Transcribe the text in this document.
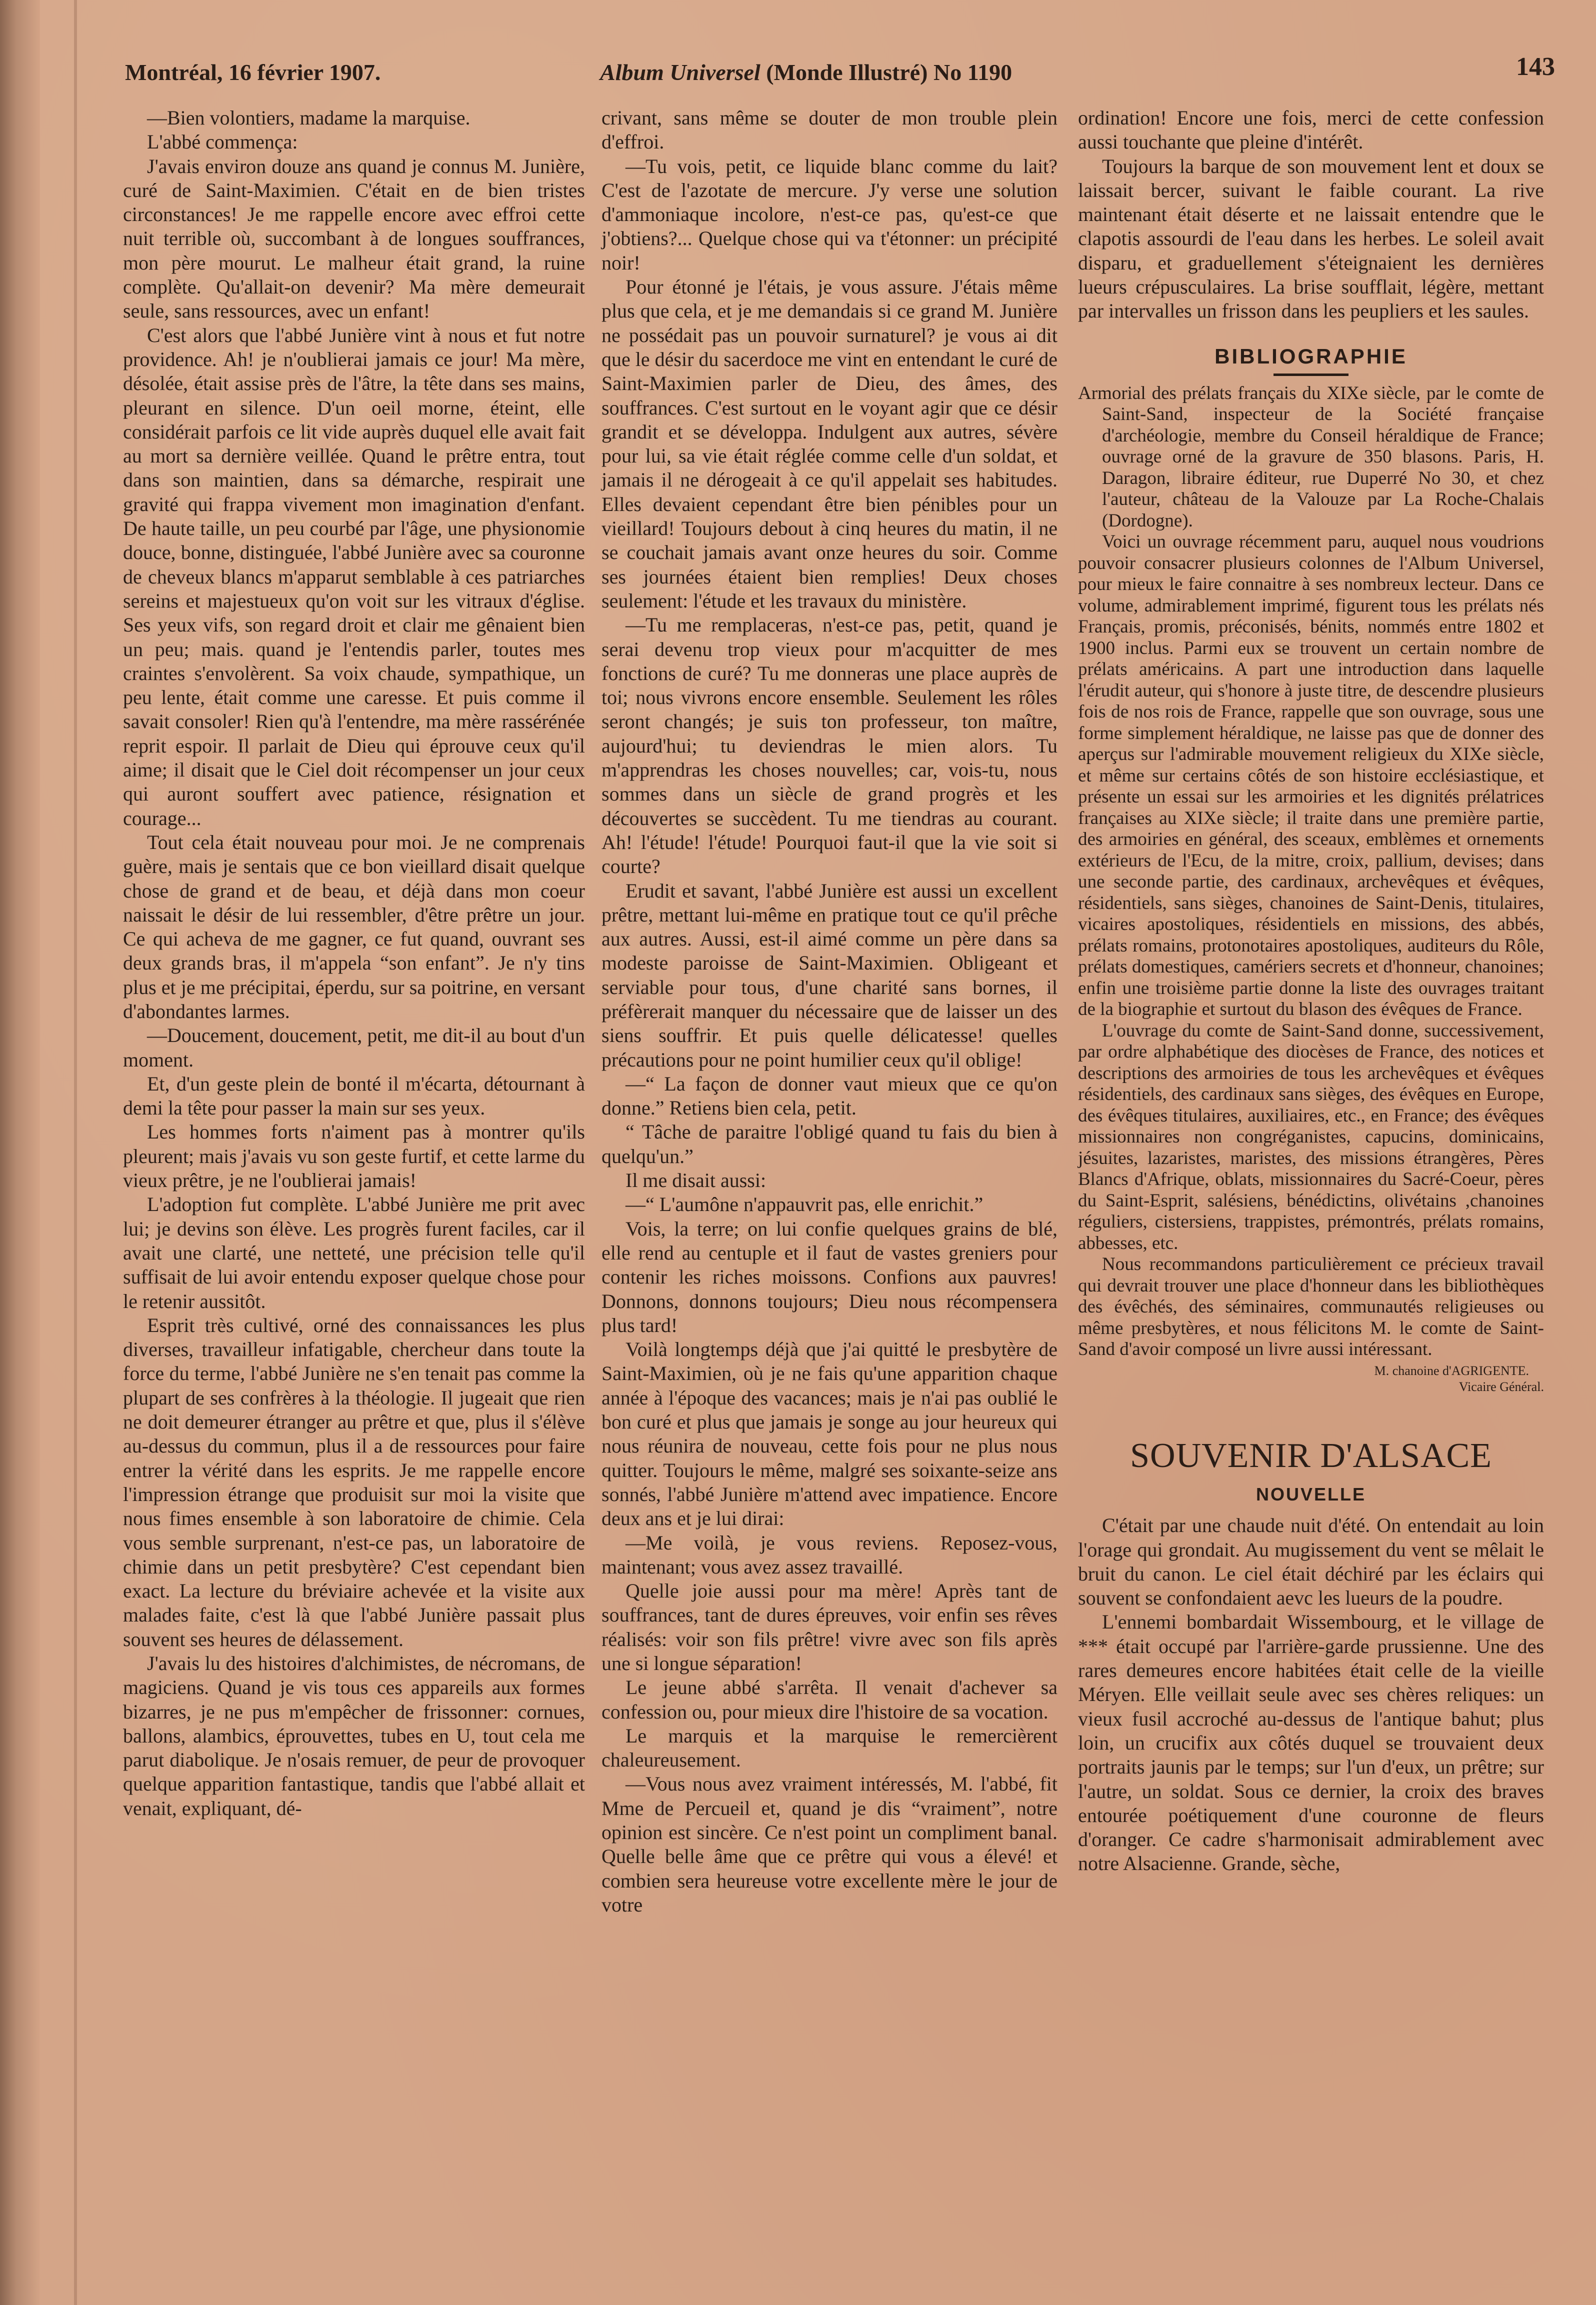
Montréal, 16 février 1907.	Album Universel (Monde Illustré) No 1190	143

—Bien volontiers, madame la marquise.

L'abbé commença:

J'avais environ douze ans quand je connus M. Junière, curé de Saint-Maximien. C'était en de bien tristes circonstances! Je me rappelle encore avec effroi cette nuit terrible où, succombant à de longues souffrances, mon père mourut. Le malheur était grand, la ruine complète. Qu'allait-on devenir? Ma mère demeurait seule, sans ressources, avec un enfant!

C'est alors que l'abbé Junière vint à nous et fut notre providence. Ah! je n'oublierai jamais ce jour! Ma mère, désolée, était assise près de l'âtre, la tête dans ses mains, pleurant en silence. D'un oeil morne, éteint, elle considérait parfois ce lit vide auprès duquel elle avait fait au mort sa dernière veillée. Quand le prêtre entra, tout dans son maintien, dans sa démarche, respirait une gravité qui frappa vivement mon imagination d'enfant. De haute taille, un peu courbé par l'âge, une physionomie douce, bonne, distinguée, l'abbé Junière avec sa couronne de cheveux blancs m'apparut semblable à ces patriarches sereins et majestueux qu'on voit sur les vitraux d'église. Ses yeux vifs, son regard droit et clair me gênaient bien un peu; mais. quand je l'entendis parler, toutes mes craintes s'envolèrent. Sa voix chaude, sympathique, un peu lente, était comme une caresse. Et puis comme il savait consoler! Rien qu'à l'entendre, ma mère rassérénée reprit espoir. Il parlait de Dieu qui éprouve ceux qu'il aime; il disait que le Ciel doit récompenser un jour ceux qui auront souffert avec patience, résignation et courage...

Tout cela était nouveau pour moi. Je ne comprenais guère, mais je sentais que ce bon vieillard disait quelque chose de grand et de beau, et déjà dans mon coeur naissait le désir de lui ressembler, d'être prêtre un jour. Ce qui acheva de me gagner, ce fut quand, ouvrant ses deux grands bras, il m'appela “son enfant”. Je n'y tins plus et je me précipitai, éperdu, sur sa poitrine, en versant d'abondantes larmes.

—Doucement, doucement, petit, me dit-il au bout d'un moment.

Et, d'un geste plein de bonté il m'écarta, détournant à demi la tête pour passer la main sur ses yeux.

Les hommes forts n'aiment pas à montrer qu'ils pleurent; mais j'avais vu son geste furtif, et cette larme du vieux prêtre, je ne l'oublierai jamais!

L'adoption fut complète. L'abbé Junière me prit avec lui; je devins son élève. Les progrès furent faciles, car il avait une clarté, une netteté, une précision telle qu'il suffisait de lui avoir entendu exposer quelque chose pour le retenir aussitôt.

Esprit très cultivé, orné des connaissances les plus diverses, travailleur infatigable, chercheur dans toute la force du terme, l'abbé Junière ne s'en tenait pas comme la plupart de ses confrères à la théologie. Il jugeait que rien ne doit demeurer étranger au prêtre et que, plus il s'élève au-dessus du commun, plus il a de ressources pour faire entrer la vérité dans les esprits. Je me rappelle encore l'impression étrange que produisit sur moi la visite que nous fimes ensemble à son laboratoire de chimie. Cela vous semble surprenant, n'est-ce pas, un laboratoire de chimie dans un petit presbytère? C'est cependant bien exact. La lecture du bréviaire achevée et la visite aux malades faite, c'est là que l'abbé Junière passait plus souvent ses heures de délassement.

J'avais lu des histoires d'alchimistes, de nécromans, de magiciens. Quand je vis tous ces appareils aux formes bizarres, je ne pus m'empêcher de frissonner: cornues, ballons, alambics, éprouvettes, tubes en U, tout cela me parut diabolique. Je n'osais remuer, de peur de provoquer quelque apparition fantastique, tandis que l'abbé allait et venait, expliquant, dé-

crivant, sans même se douter de mon trouble plein d'effroi.

—Tu vois, petit, ce liquide blanc comme du lait? C'est de l'azotate de mercure. J'y verse une solution d'ammoniaque incolore, n'est-ce pas, qu'est-ce que j'obtiens?... Quelque chose qui va t'étonner: un précipité noir!

Pour étonné je l'étais, je vous assure. J'étais même plus que cela, et je me demandais si ce grand M. Junière ne possédait pas un pouvoir surnaturel? je vous ai dit que le désir du sacerdoce me vint en entendant le curé de Saint-Maximien parler de Dieu, des âmes, des souffrances. C'est surtout en le voyant agir que ce désir grandit et se développa. Indulgent aux autres, sévère pour lui, sa vie était réglée comme celle d'un soldat, et jamais il ne dérogeait à ce qu'il appelait ses habitudes. Elles devaient cependant être bien pénibles pour un vieillard! Toujours debout à cinq heures du matin, il ne se couchait jamais avant onze heures du soir. Comme ses journées étaient bien remplies! Deux choses seulement: l'étude et les travaux du ministère.

—Tu me remplaceras, n'est-ce pas, petit, quand je serai devenu trop vieux pour m'acquitter de mes fonctions de curé? Tu me donneras une place auprès de toi; nous vivrons encore ensemble. Seulement les rôles seront changés; je suis ton professeur, ton maître, aujourd'hui; tu deviendras le mien alors. Tu m'apprendras les choses nouvelles; car, vois-tu, nous sommes dans un siècle de grand progrès et les découvertes se succèdent. Tu me tiendras au courant. Ah! l'étude! l'étude! Pourquoi faut-il que la vie soit si courte?

Erudit et savant, l'abbé Junière est aussi un excellent prêtre, mettant lui-même en pratique tout ce qu'il prêche aux autres. Aussi, est-il aimé comme un père dans sa modeste paroisse de Saint-Maximien. Obligeant et serviable pour tous, d'une charité sans bornes, il préfèrerait manquer du nécessaire que de laisser un des siens souffrir. Et puis quelle délicatesse! quelles précautions pour ne point humilier ceux qu'il oblige!

—“ La façon de donner vaut mieux que ce qu'on donne.” Retiens bien cela, petit.

“ Tâche de paraitre l'obligé quand tu fais du bien à quelqu'un.”

Il me disait aussi:

—“ L'aumône n'appauvrit pas, elle enrichit.”

Vois, la terre; on lui confie quelques grains de blé, elle rend au centuple et il faut de vastes greniers pour contenir les riches moissons. Confions aux pauvres! Donnons, donnons toujours; Dieu nous récompensera plus tard!

Voilà longtemps déjà que j'ai quitté le presbytère de Saint-Maximien, où je ne fais qu'une apparition chaque année à l'époque des vacances; mais je n'ai pas oublié le bon curé et plus que jamais je songe au jour heureux qui nous réunira de nouveau, cette fois pour ne plus nous quitter. Toujours le même, malgré ses soixante-seize ans sonnés, l'abbé Junière m'attend avec impatience. Encore deux ans et je lui dirai:

—Me voilà, je vous reviens. Reposez-vous, maintenant; vous avez assez travaillé.

Quelle joie aussi pour ma mère! Après tant de souffrances, tant de dures épreuves, voir enfin ses rêves réalisés: voir son fils prêtre! vivre avec son fils après une si longue séparation!

Le jeune abbé s'arrêta. Il venait d'achever sa confession ou, pour mieux dire l'histoire de sa vocation.

Le marquis et la marquise le remercièrent chaleureusement.

—Vous nous avez vraiment intéressés, M. l'abbé, fit Mme de Percueil et, quand je dis “vraiment”, notre opinion est sincère. Ce n'est point un compliment banal. Quelle belle âme que ce prêtre qui vous a élevé! et combien sera heureuse votre excellente mère le jour de votre

ordination! Encore une fois, merci de cette confession aussi touchante que pleine d'intérêt.

Toujours la barque de son mouvement lent et doux se laissait bercer, suivant le faible courant. La rive maintenant était déserte et ne laissait entendre que le clapotis assourdi de l'eau dans les herbes. Le soleil avait disparu, et graduellement s'éteignaient les dernières lueurs crépusculaires. La brise soufflait, légère, mettant par intervalles un frisson dans les peupliers et les saules.

BIBLIOGRAPHIE

Armorial des prélats français du XIXe siècle, par le comte de Saint-Sand, inspecteur de la Société française d'archéologie, membre du Conseil héraldique de France; ouvrage orné de la gravure de 350 blasons. Paris, H. Daragon, libraire éditeur, rue Duperré No 30, et chez l'auteur, château de la Valouze par La Roche-Chalais (Dordogne).

Voici un ouvrage récemment paru, auquel nous voudrions pouvoir consacrer plusieurs colonnes de l'Album Universel, pour mieux le faire connaitre à ses nombreux lecteur. Dans ce volume, admirablement imprimé, figurent tous les prélats nés Français, promis, préconisés, bénits, nommés entre 1802 et 1900 inclus. Parmi eux se trouvent un certain nombre de prélats américains. A part une introduction dans laquelle l'érudit auteur, qui s'honore à juste titre, de descendre plusieurs fois de nos rois de France, rappelle que son ouvrage, sous une forme simplement héraldique, ne laisse pas que de donner des aperçus sur l'admirable mouvement religieux du XIXe siècle, et même sur certains côtés de son histoire ecclésiastique, et présente un essai sur les armoiries et les dignités prélatrices françaises au XIXe siècle; il traite dans une première partie, des armoiries en général, des sceaux, emblèmes et ornements extérieurs de l'Ecu, de la mitre, croix, pallium, devises; dans une seconde partie, des cardinaux, archevêques et évêques, résidentiels, sans sièges, chanoines de Saint-Denis, titulaires, vicaires apostoliques, résidentiels en missions, des abbés, prélats romains, protonotaires apostoliques, auditeurs du Rôle, prélats domestiques, camériers secrets et d'honneur, chanoines; enfin une troisième partie donne la liste des ouvrages traitant de la biographie et surtout du blason des évêques de France.

L'ouvrage du comte de Saint-Sand donne, successivement, par ordre alphabétique des diocèses de France, des notices et descriptions des armoiries de tous les archevêques et évêques résidentiels, des cardinaux sans sièges, des évêques en Europe, des évêques titulaires, auxiliaires, etc., en France; des évêques missionnaires non congréganistes, capucins, dominicains, jésuites, lazaristes, maristes, des missions étrangères, Pères Blancs d'Afrique, oblats, missionnaires du Sacré-Coeur, pères du Saint-Esprit, salésiens, bénédictins, olivétains ,chanoines réguliers, cistersiens, trappistes, prémontrés, prélats romains, abbesses, etc.

Nous recommandons particulièrement ce précieux travail qui devrait trouver une place d'honneur dans les bibliothèques des évêchés, des séminaires, communautés religieuses ou même presbytères, et nous félicitons M. le comte de Saint-Sand d'avoir composé un livre aussi intéressant.

M. chanoine d'AGRIGENTE.
Vicaire Général.
SOUVENIR D'ALSACE
NOUVELLE

C'était par une chaude nuit d'été. On entendait au loin l'orage qui grondait. Au mugissement du vent se mêlait le bruit du canon. Le ciel était déchiré par les éclairs qui souvent se confondaient aevc les lueurs de la poudre.

L'ennemi bombardait Wissembourg, et le village de *** était occupé par l'arrière-garde prussienne. Une des rares demeures encore habitées était celle de la vieille Méryen. Elle veillait seule avec ses chères reliques: un vieux fusil accroché au-dessus de l'antique bahut; plus loin, un crucifix aux côtés duquel se trouvaient deux portraits jaunis par le temps; sur l'un d'eux, un prêtre; sur l'autre, un soldat. Sous ce dernier, la croix des braves entourée poétiquement d'une couronne de fleurs d'oranger. Ce cadre s'harmonisait admirablement avec notre Alsacienne. Grande, sèche,
